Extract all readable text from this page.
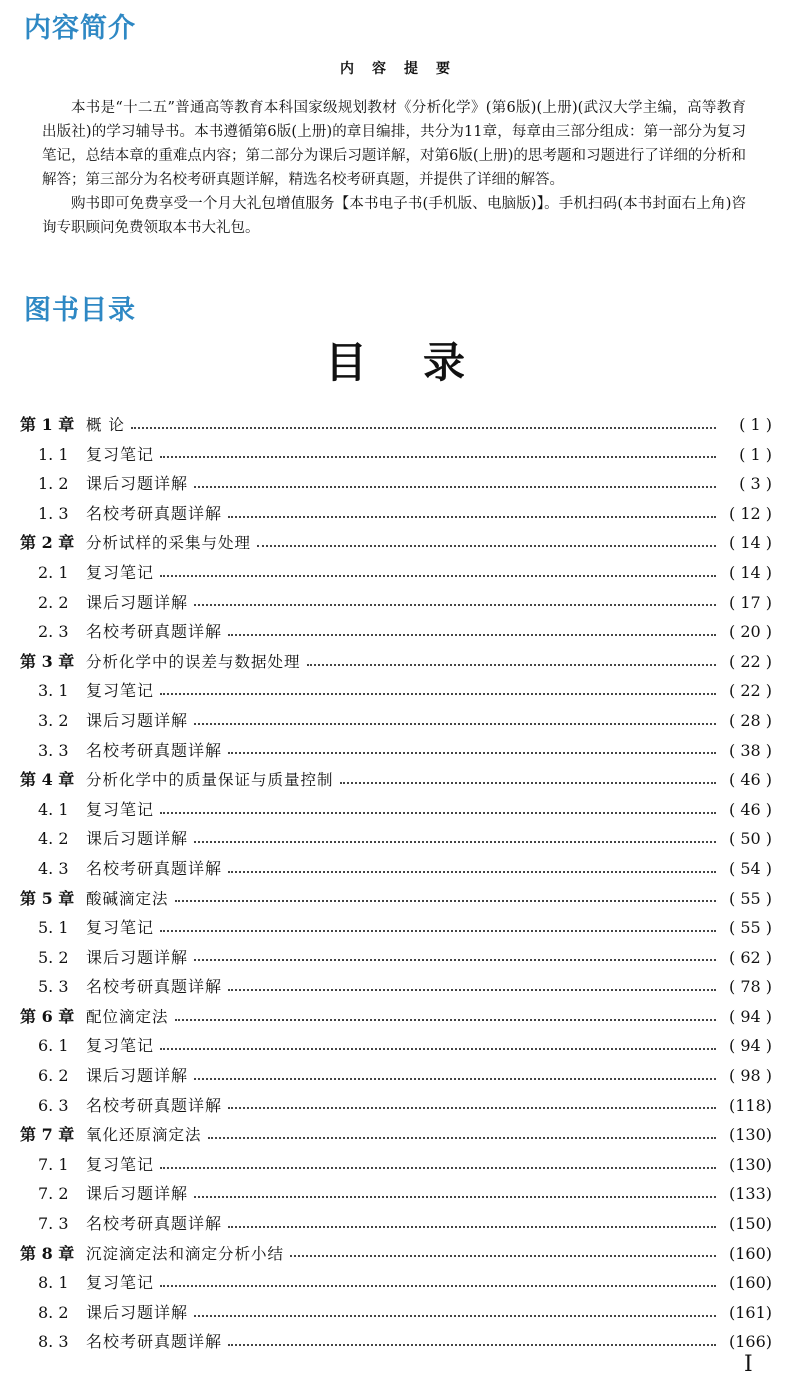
内容简介
内容提要

本书是“十二五”普通高等教育本科国家级规划教材《分析化学》(第6版)(上册)(武汉大学主编，高等教育出版社)的学习辅导书。本书遵循第6版(上册)的章目编排，共分为11章，每章由三部分组成：第一部分为复习笔记，总结本章的重难点内容；第二部分为课后习题详解，对第6版(上册)的思考题和习题进行了详细的分析和解答；第三部分为名校考研真题详解，精选名校考研真题，并提供了详细的解答。

购书即可免费享受一个月大礼包增值服务【本书电子书(手机版、电脑版)】。手机扫码(本书封面右上角)咨询专职顾问免费领取本书大礼包。

图书目录
目录
第 1 章 概 论	( 1 )
1. 1	复习笔记	( 1 )
1. 2	课后习题详解	( 3 )
1. 3	名校考研真题详解	( 12 )
第 2 章 分析试样的采集与处理	( 14 )
2. 1	复习笔记	( 14 )
2. 2	课后习题详解	( 17 )
2. 3	名校考研真题详解	( 20 )
第 3 章 分析化学中的误差与数据处理	( 22 )
3. 1	复习笔记	( 22 )
3. 2	课后习题详解	( 28 )
3. 3	名校考研真题详解	( 38 )
第 4 章 分析化学中的质量保证与质量控制	( 46 )
4. 1	复习笔记	( 46 )
4. 2	课后习题详解	( 50 )
4. 3	名校考研真题详解	( 54 )
第 5 章 酸碱滴定法	( 55 )
5. 1	复习笔记	( 55 )
5. 2	课后习题详解	( 62 )
5. 3	名校考研真题详解	( 78 )
第 6 章 配位滴定法	( 94 )
6. 1	复习笔记	( 94 )
6. 2	课后习题详解	( 98 )
6. 3	名校考研真题详解	(118)
第 7 章 氧化还原滴定法	(130)
7. 1	复习笔记	(130)
7. 2	课后习题详解	(133)
7. 3	名校考研真题详解	(150)
第 8 章 沉淀滴定法和滴定分析小结	(160)
8. 1	复习笔记	(160)
8. 2	课后习题详解	(161)
8. 3	名校考研真题详解	(166)
I
